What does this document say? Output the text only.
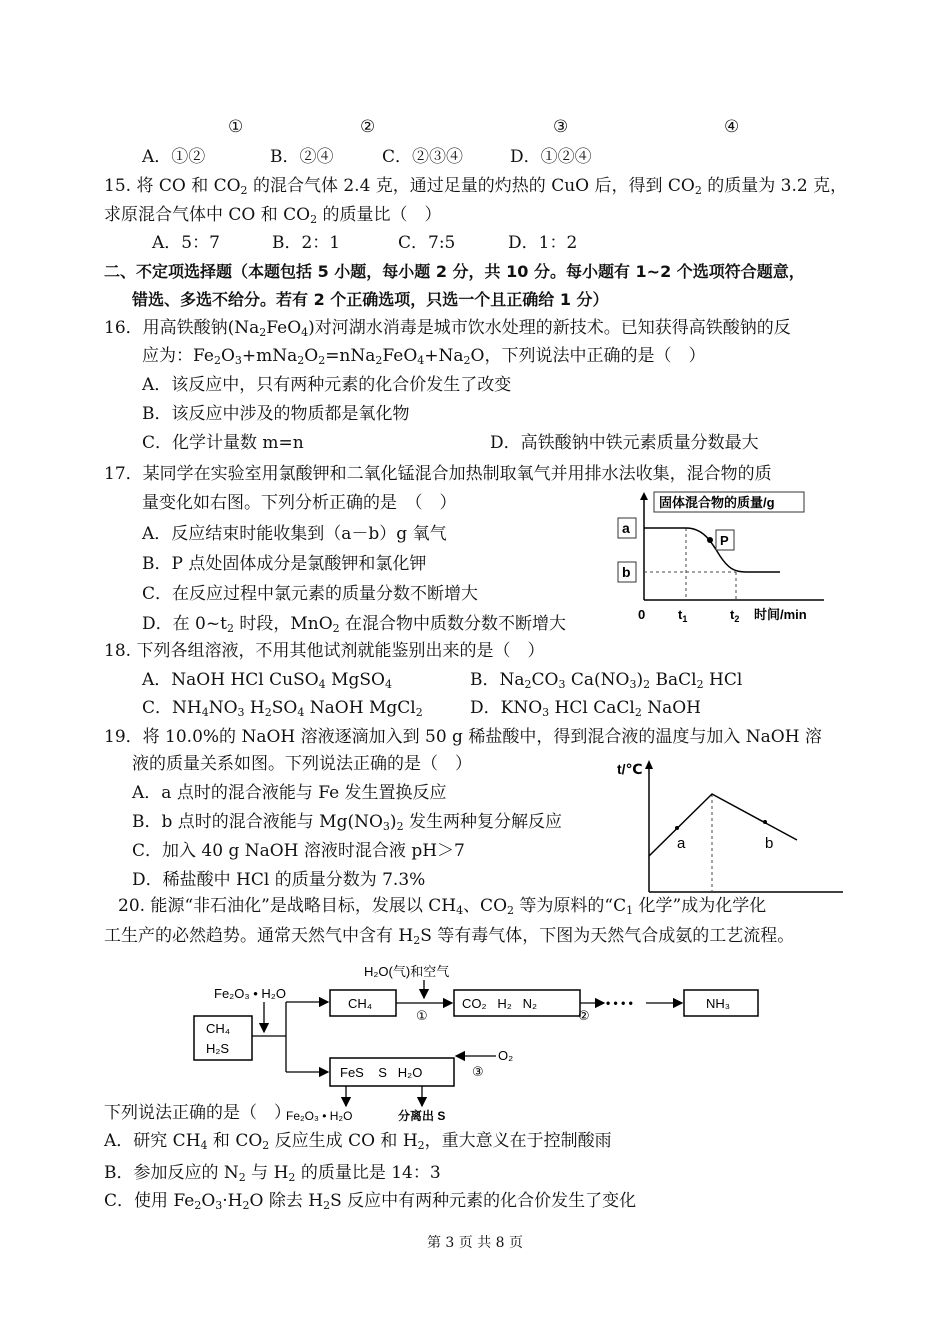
①	②	③	④
A．①②	B．②④	C．②③④	D．①②④
15. 将 CO 和 $CO_2$ 的混合气体 2.4 克，通过足量的灼热的 CuO 后，得到 $CO_2$ 的质量为 3.2 克，
求原混合气体中 CO 和 $CO_2$ 的质量比（　）
A．5：7	B．2：1	C．7:5	D．1：2
二、不定项选择题（本题包括 5 小题，每小题 2 分，共 10 分。每小题有 1~2 个选项符合题意，
错选、多选不给分。若有 2 个正确选项，只选一个且正确给 1 分）
16．用高铁酸钠$(Na_2FeO_4)$对河湖水消毒是城市饮水处理的新技术。已知获得高铁酸钠的反
应为：$Fe_2O_3+mNa_2O_2=nNa_2FeO_4+Na_2O$，下列说法中正确的是（　）
A．该反应中，只有两种元素的化合价发生了改变
B．该反应中涉及的物质都是氧化物
C．化学计量数 m=n	D．高铁酸钠中铁元素质量分数最大
17．某同学在实验室用氯酸钾和二氧化锰混合加热制取氧气并用排水法收集，混合物的质
量变化如右图。下列分析正确的是　（　）
A．反应结束时能收集到（a－b）g 氧气
B．P 点处固体成分是氯酸钾和氯化钾
C．在反应过程中氯元素的质量分数不断增大
D．在 $0\sim t_2$ 时段，MnO$_2$ 在混合物中质数分数不断增大
固体混合物的质量/g
a
b
P
0	$t_1$	$t_2$ 时间/min
18. 下列各组溶液，不用其他试剂就能鉴别出来的是（　）
A．NaOH HCl CuSO$_4$ MgSO$_4$	B．$Na_2CO_3$ $Ca(NO_3)_2$ BaCl$_2$ HCl
C．$NH_4NO_3$ $H_2SO_4$ NaOH MgCl$_2$	D．$KNO_3$ HCl CaCl$_2$ NaOH
19．将 10.0%的 NaOH 溶液逐滴加入到 50 g 稀盐酸中，得到混合液的温度与加入 NaOH 溶
液的质量关系如图。下列说法正确的是（　）
A．a 点时的混合液能与 Fe 发生置换反应
B．b 点时的混合液能与 $Mg(NO_3)_2$ 发生两种复分解反应
C．加入 40 g NaOH 溶液时混合液 pH＞7
D．稀盐酸中 HCl 的质量分数为 7.3%
t/℃
a	b
20. 能源“非石油化”是战略目标，发展以 $CH_4$、$CO_2$ 等为原料的“$C_1$ 化学”成为化学化
工生产的必然趋势。通常天然气中含有 $H_2S$ 等有毒气体，下图为天然气合成氨的工艺流程。
CH₄
H₂S
Fe₂O₃ • H₂O
CH₄
H₂O(气)和空气
①
CO₂   H₂   N₂
②
• • • •	NH₃
FeS    S   H₂O
O₂
③
Fe₂O₃ • H₂O	分离出 S
下列说法正确的是（　）
A．研究 $CH_4$ 和 $CO_2$ 反应生成 CO 和 $H_2$，重大意义在于控制酸雨
B．参加反应的 $N_2$ 与 $H_2$ 的质量比是 14：3
C．使用 $Fe_2O_3\cdot H_2O$ 除去 $H_2S$ 反应中有两种元素的化合价发生了变化
第 3 页 共 8 页
